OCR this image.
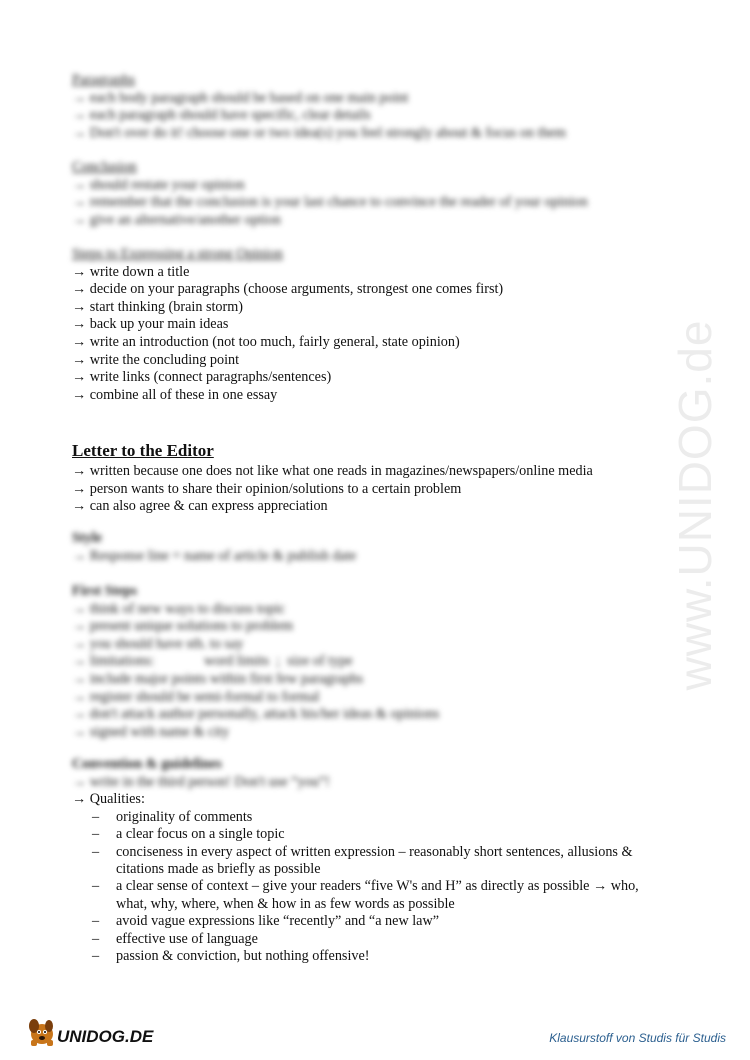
www.UNIDOG.de
Paragraphs
→ each body paragraph should be based on one main point
→ each paragraph should have specific, clear details
→ Don't over do it! choose one or two idea(s) you feel strongly about & focus on them
Conclusion
→ should restate your opinion
→ remember that the conclusion is your last chance to convince the reader of your opinion
→ give an alternative/another option
Steps to Expressing a strong Opinion
→ write down a title
→ decide on your paragraphs (choose arguments, strongest one comes first)
→ start thinking (brain storm)
→ back up your main ideas
→ write an introduction (not too much, fairly general, state opinion)
→ write the concluding point
→ write links (connect paragraphs/sentences)
→ combine all of these in one essay
Letter to the Editor
→ written because one does not like what one reads in magazines/newspapers/online media
→ person wants to share their opinion/solutions to a certain problem
→ can also agree & can express appreciation
Style
→ Response line = name of article & publish date
First Steps
→ think of new ways to discuss topic
→ present unique solutions to problem
→ you should have sth. to say
→ limitations:              word limits  ;  size of type
→ include major points within first few paragraphs
→ register should be semi-formal to formal
→ don't attack author personally, attack his/her ideas & opinions
→ signed with name & city
Convention & guidelines
→ write in the third person! Don't use “you”!
→ Qualities:
– originality of comments
– a clear focus on a single topic
– conciseness in every aspect of written expression – reasonably short sentences, allusions &
citations made as briefly as possible
– a clear sense of context – give your readers “five W's and H” as directly as possible → who,
what, why, where, when & how in as few words as possible
– avoid vague expressions like “recently” and “a new law”
– effective use of language
– passion & conviction, but nothing offensive!
UNIDOG.DE	Klausurstoff von Studis für Studis
